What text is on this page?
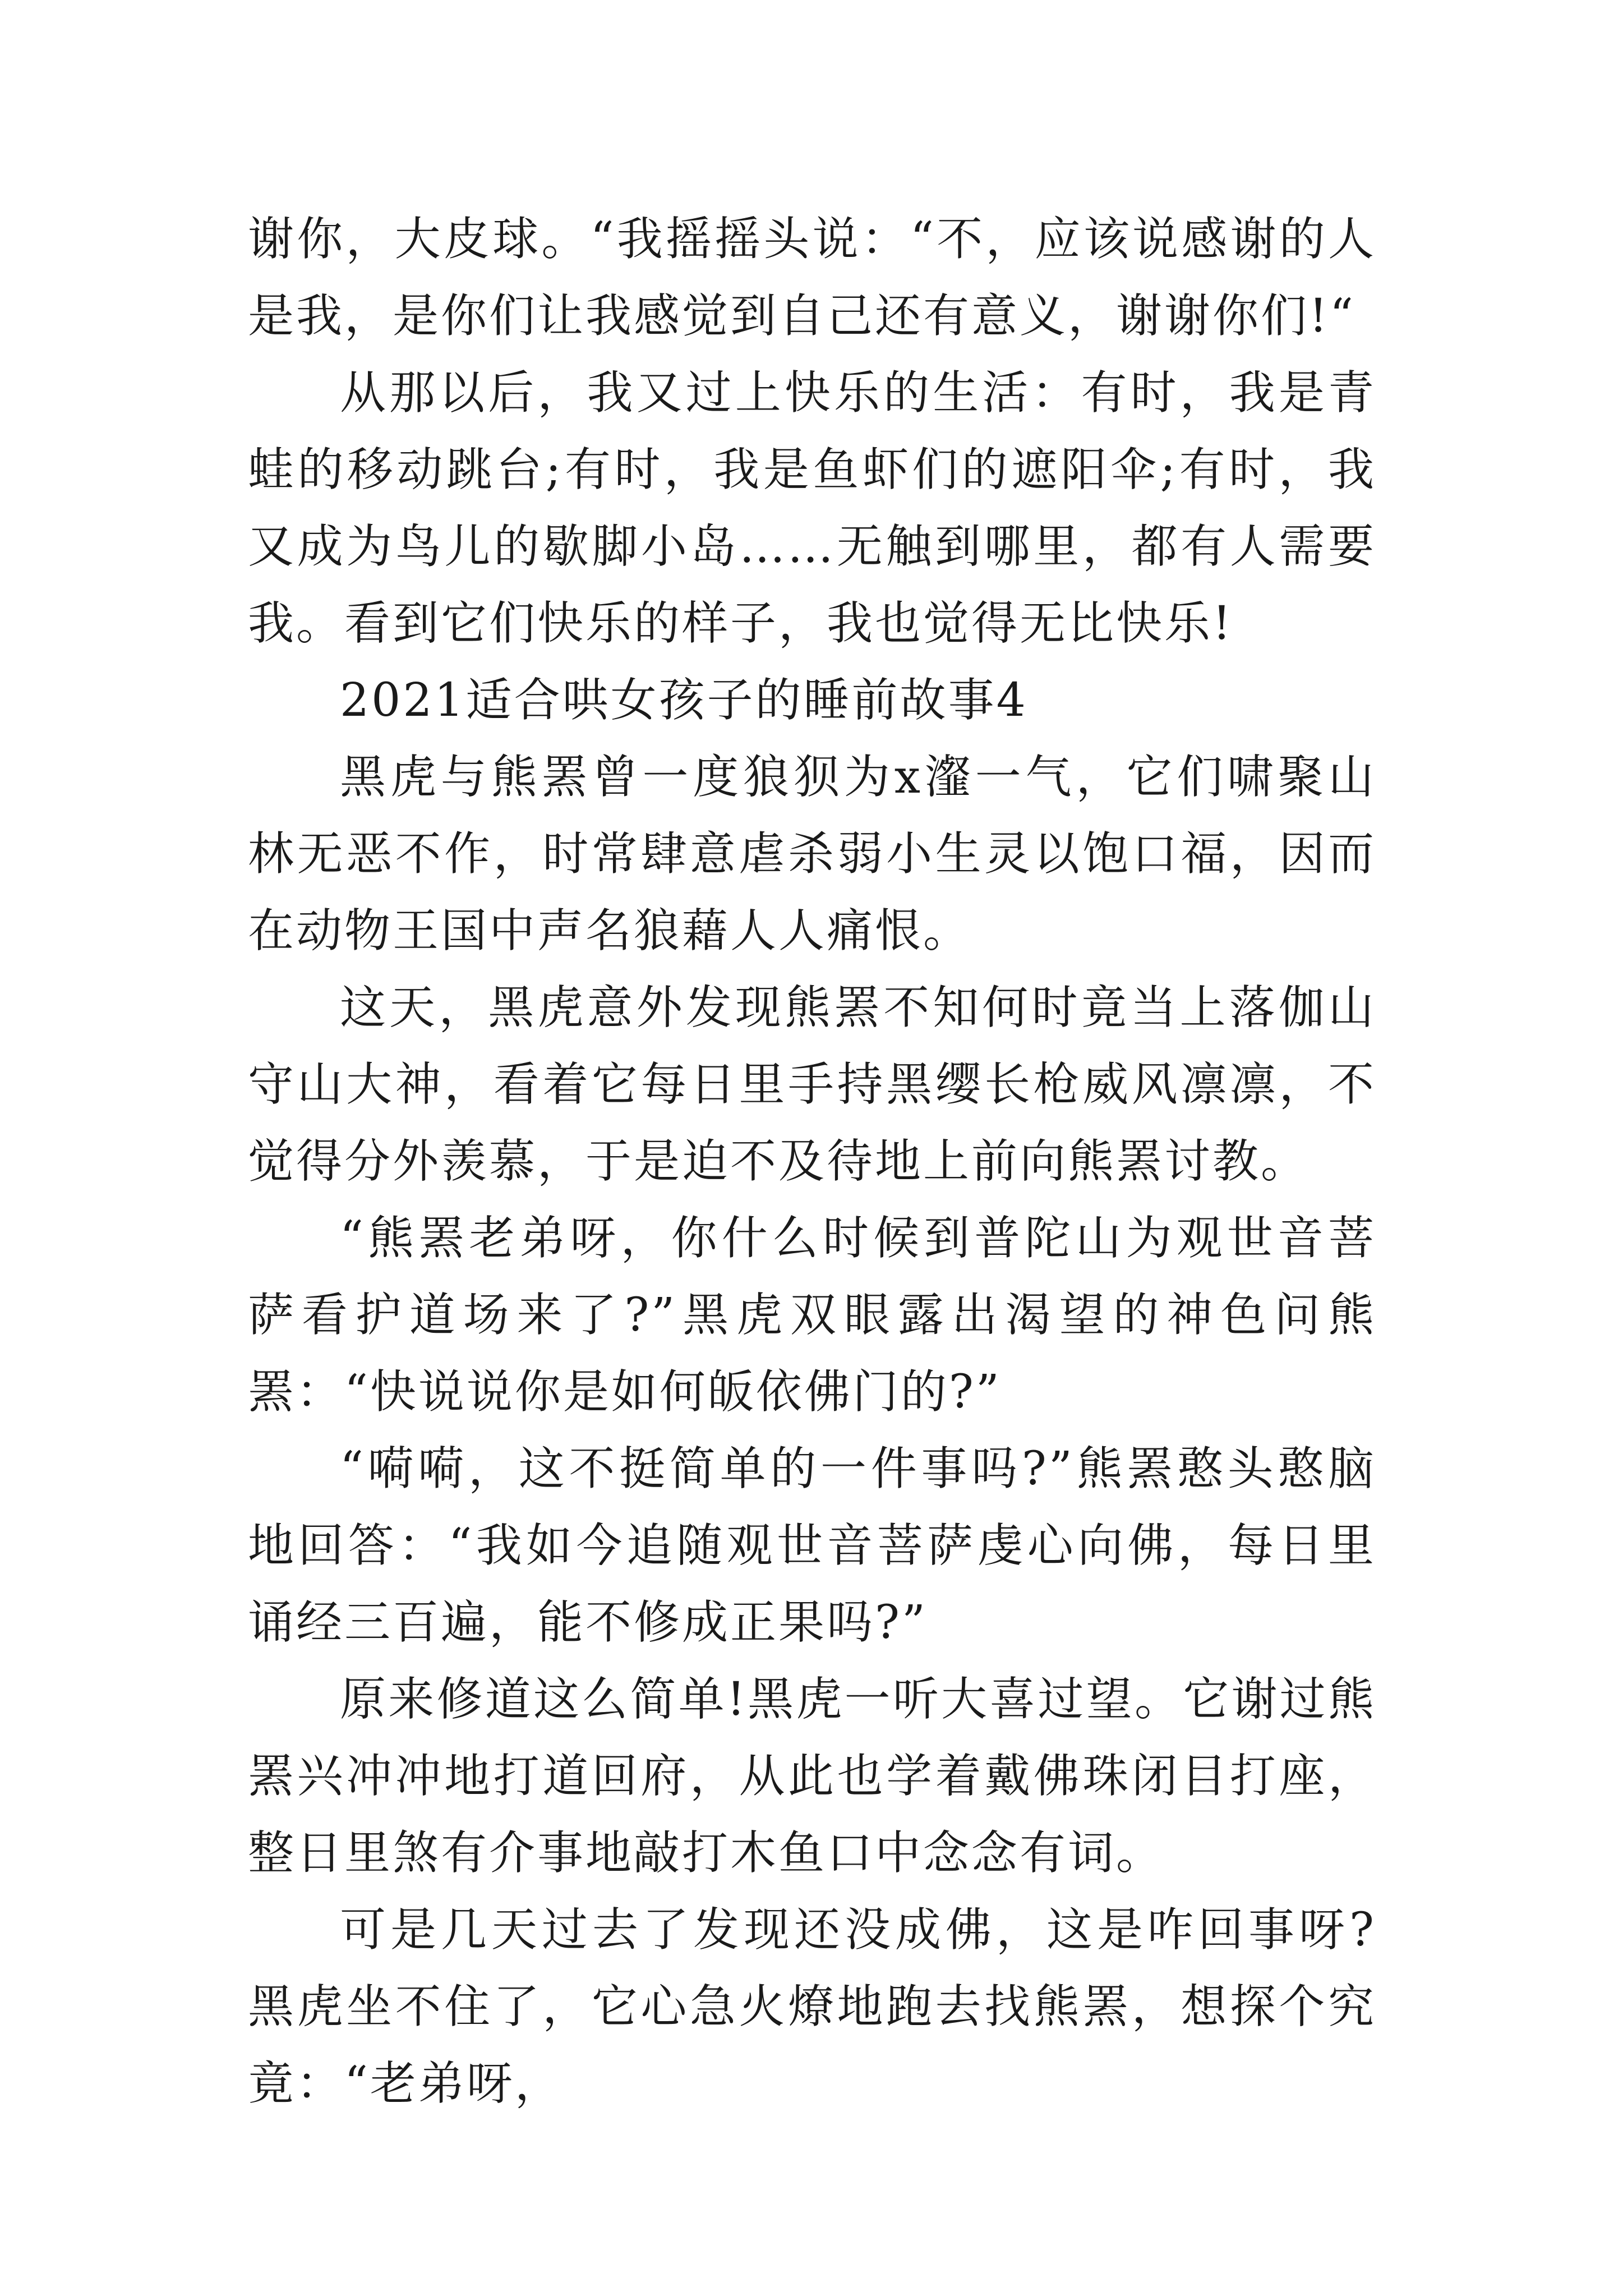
谢你，大皮球。“我摇摇头说：“不，应该说感谢的人是我，是你们让我感觉到自己还有意义，谢谢你们!“

从那以后，我又过上快乐的生活：有时，我是青蛙的移动跳台;有时，我是鱼虾们的遮阳伞;有时，我又成为鸟儿的歇脚小岛……无触到哪里，都有人需要我。看到它们快乐的样子，我也觉得无比快乐!

2021适合哄女孩子的睡前故事4

黑虎与熊罴曾一度狼狈为x瀣一气，它们啸聚山林无恶不作，时常肆意虐杀弱小生灵以饱口福，因而在动物王国中声名狼藉人人痛恨。

这天，黑虎意外发现熊罴不知何时竟当上落伽山守山大神，看着它每日里手持黑缨长枪威风凛凛，不觉得分外羡慕，于是迫不及待地上前向熊罴讨教。

“熊罴老弟呀，你什么时候到普陀山为观世音菩萨看护道场来了?”黑虎双眼露出渴望的神色问熊罴：“快说说你是如何皈依佛门的?”

“嗬嗬，这不挺简单的一件事吗?”熊罴憨头憨脑地回答：“我如今追随观世音菩萨虔心向佛，每日里诵经三百遍，能不修成正果吗?”

原来修道这么简单!黑虎一听大喜过望。它谢过熊罴兴冲冲地打道回府，从此也学着戴佛珠闭目打座，整日里煞有介事地敲打木鱼口中念念有词。

可是几天过去了发现还没成佛，这是咋回事呀?黑虎坐不住了，它心急火燎地跑去找熊罴，想探个究竟：“老弟呀，
